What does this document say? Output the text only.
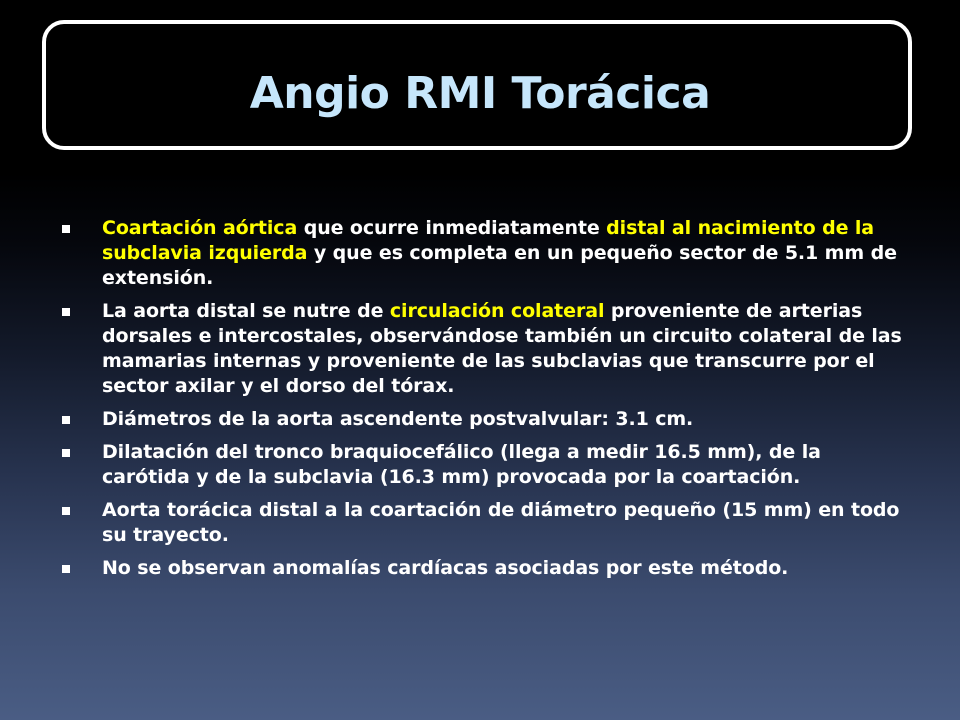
Angio RMI Torácica
Coartación aórtica que ocurre inmediatamente distal al nacimiento de la subclavia izquierda y que es completa en un pequeño sector de 5.1 mm de extensión.
La aorta distal se nutre de circulación colateral proveniente de arterias dorsales e intercostales, observándose también un circuito colateral de las mamarias internas y proveniente de las subclavias que transcurre por el sector axilar y el dorso del tórax.
Diámetros de la aorta ascendente postvalvular: 3.1 cm.
Dilatación del tronco braquiocefálico (llega a medir 16.5 mm), de la carótida y de la subclavia (16.3 mm) provocada por la coartación.
Aorta torácica distal a la coartación de diámetro pequeño (15 mm) en todo su trayecto.
No se observan anomalías cardíacas asociadas por este método.
